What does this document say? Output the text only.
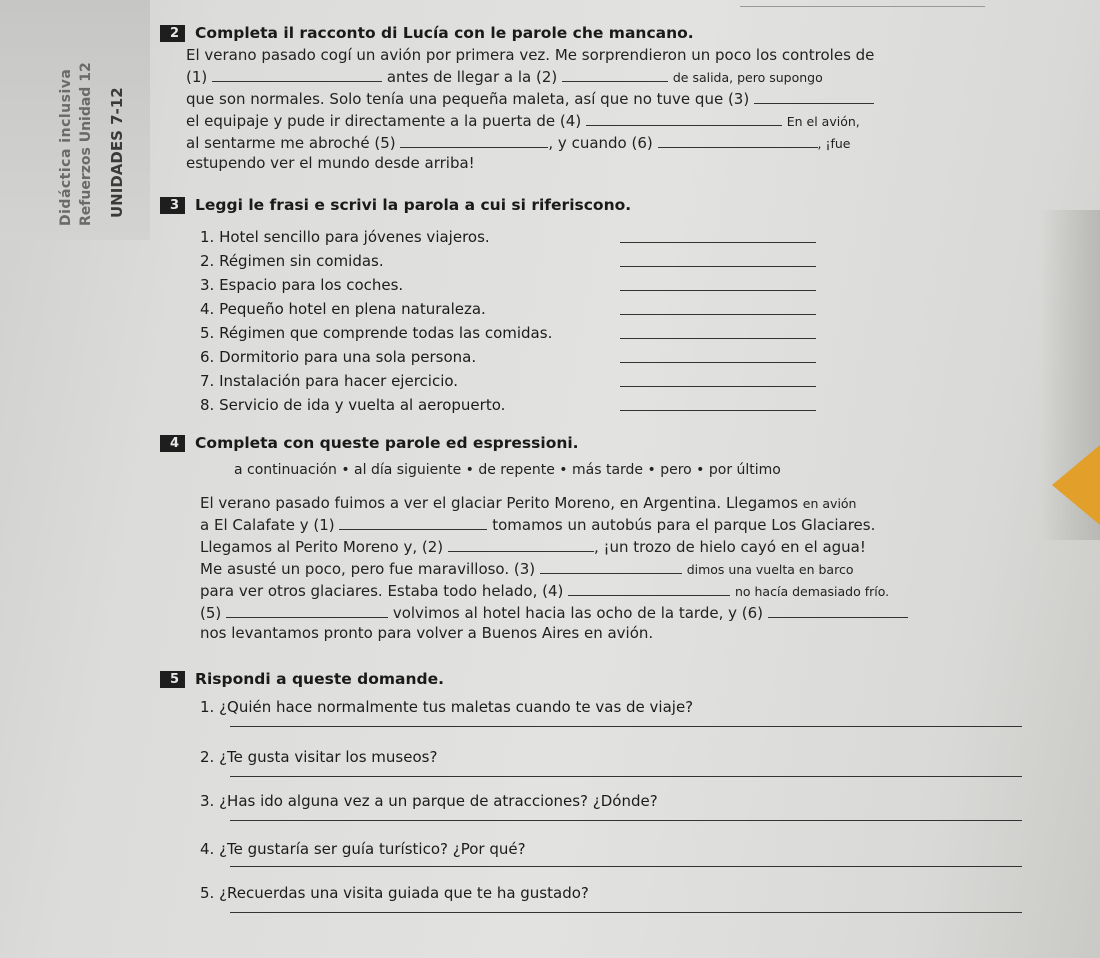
Didáctica inclusiva Refuerzos Unidad 12 UNIDADES 7-12
2 Completa il racconto di Lucía con le parole che mancano.
El verano pasado cogí un avión por primera vez. Me sorprendieron un poco los controles de
(1)	antes de llegar a la (2)	de salida, pero supongo
que son normales. Solo tenía una pequeña maleta, así que no tuve que (3)
el equipaje y pude ir directamente a la puerta de (4)	En el avión,
al sentarme me abroché (5)	, y cuando (6)	, ¡fue
estupendo ver el mundo desde arriba!
3 Leggi le frasi e scrivi la parola a cui si riferiscono.
1. Hotel sencillo para jóvenes viajeros.
2. Régimen sin comidas.
3. Espacio para los coches.
4. Pequeño hotel en plena naturaleza.
5. Régimen que comprende todas las comidas.
6. Dormitorio para una sola persona.
7. Instalación para hacer ejercicio.
8. Servicio de ida y vuelta al aeropuerto.
4 Completa con queste parole ed espressioni.
a continuación • al día siguiente • de repente • más tarde • pero • por último
El verano pasado fuimos a ver el glaciar Perito Moreno, en Argentina. Llegamos en avión
a El Calafate y (1)	tomamos un autobús para el parque Los Glaciares.
Llegamos al Perito Moreno y, (2)	, ¡un trozo de hielo cayó en el agua!
Me asusté un poco, pero fue maravilloso. (3)	dimos una vuelta en barco
para ver otros glaciares. Estaba todo helado, (4)	no hacía demasiado frío.
(5)	volvimos al hotel hacia las ocho de la tarde, y (6)
nos levantamos pronto para volver a Buenos Aires en avión.
5 Rispondi a queste domande.
1. ¿Quién hace normalmente tus maletas cuando te vas de viaje?
2. ¿Te gusta visitar los museos?
3. ¿Has ido alguna vez a un parque de atracciones? ¿Dónde?
4. ¿Te gustaría ser guía turístico? ¿Por qué?
5. ¿Recuerdas una visita guiada que te ha gustado?
